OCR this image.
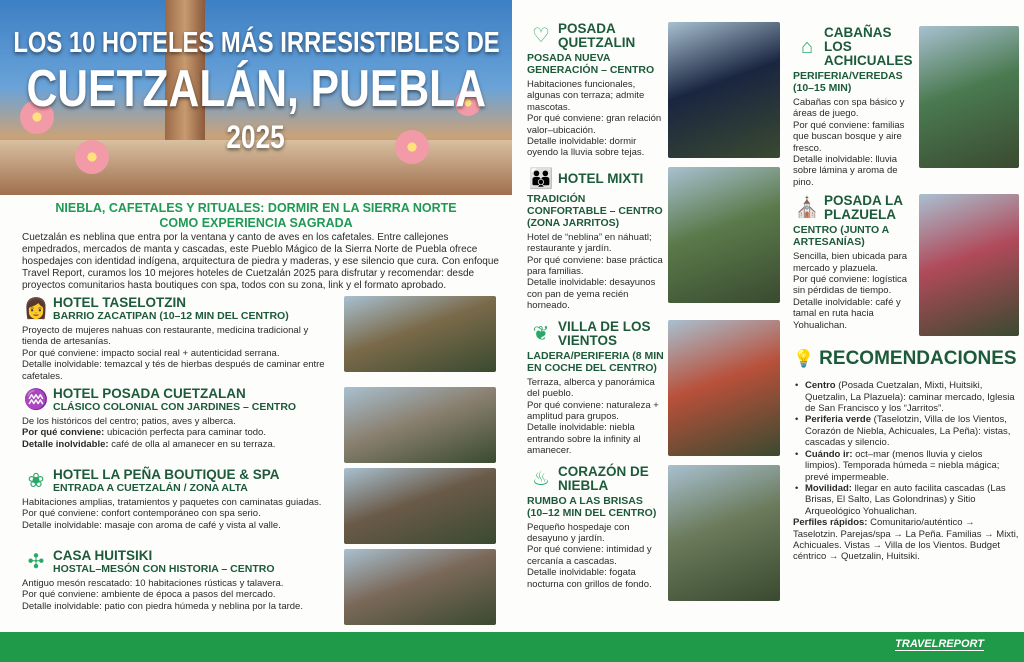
LOS 10 HOTELES MÁS IRRESISTIBLES DE
CUETZALÁN, PUEBLA
2025
NIEBLA, CAFETALES Y RITUALES: DORMIR EN LA SIERRA NORTE
COMO EXPERIENCIA SAGRADA
Cuetzalán es neblina que entra por la ventana y canto de aves en los cafetales. Entre callejones empedrados, mercados de manta y cascadas, este Pueblo Mágico de la Sierra Norte de Puebla ofrece hospedajes con identidad indígena, arquitectura de piedra y maderas, y ese silencio que cura. Con enfoque Travel Report, curamos los 10 mejores hoteles de Cuetzalán 2025 para disfrutar y recomendar: desde proyectos comunitarios hasta boutiques con spa, todos con su zona, link y el formato aprobado.
👩 HOTEL TASELOTZIN
BARRIO ZACATIPAN (10–12 MIN DEL CENTRO)
Proyecto de mujeres nahuas con restaurante, medicina tradicional y tienda de artesanías.
Por qué conviene: impacto social real + autenticidad serrana.
Detalle inolvidable: temazcal y tés de hierbas después de caminar entre cafetales.
♒ HOTEL POSADA CUETZALAN
CLÁSICO COLONIAL CON JARDINES – CENTRO
De los históricos del centro; patios, aves y alberca.
Por qué conviene: ubicación perfecta para caminar todo.
Detalle inolvidable: café de olla al amanecer en su terraza.
❀ HOTEL LA PEÑA BOUTIQUE & SPA
ENTRADA A CUETZALÁN / ZONA ALTA
Habitaciones amplias, tratamientos y paquetes con caminatas guiadas.
Por qué conviene: confort contemporáneo con spa serio.
Detalle inolvidable: masaje con aroma de café y vista al valle.
✣ CASA HUITSIKI
HOSTAL–MESÓN CON HISTORIA – CENTRO
Antiguo mesón rescatado: 10 habitaciones rústicas y talavera.
Por qué conviene: ambiente de época a pasos del mercado.
Detalle inolvidable: patio con piedra húmeda y neblina por la tarde.
♡ POSADA QUETZALIN
POSADA NUEVA GENERACIÓN – CENTRO
Habitaciones funcionales, algunas con terraza; admite mascotas.
Por qué conviene: gran relación valor–ubicación.
Detalle inolvidable: dormir oyendo la lluvia sobre tejas.
👪 HOTEL MIXTI
TRADICIÓN CONFORTABLE – CENTRO (ZONA JARRITOS)
Hotel de “neblina” en náhuatl; restaurante y jardín.
Por qué conviene: base práctica para familias.
Detalle inolvidable: desayunos con pan de yema recién horneado.
❦ VILLA DE LOS VIENTOS
LADERA/PERIFERIA (8 MIN EN COCHE DEL CENTRO)
Terraza, alberca y panorámica del pueblo.
Por qué conviene: naturaleza + amplitud para grupos.
Detalle inolvidable: niebla entrando sobre la infinity al amanecer.
♨ CORAZÓN DE NIEBLA
RUMBO A LAS BRISAS (10–12 MIN DEL CENTRO)
Pequeño hospedaje con desayuno y jardín.
Por qué conviene: intimidad y cercanía a cascadas.
Detalle inolvidable: fogata nocturna con grillos de fondo.
⌂
CABAÑAS LOS ACHICUALES
PERIFERIA/VEREDAS (10–15 MIN)
Cabañas con spa básico y áreas de juego.
Por qué conviene: familias que buscan bosque y aire fresco.
Detalle inolvidable: lluvia sobre lámina y aroma de pino.
⛪ POSADA LA PLAZUELA
CENTRO (JUNTO A ARTESANÍAS)
Sencilla, bien ubicada para mercado y plazuela.
Por qué conviene: logística sin pérdidas de tiempo.
Detalle inolvidable: café y tamal en ruta hacia Yohualichan.
💡 RECOMENDACIONES
• Centro (Posada Cuetzalan, Mixti, Huitsiki, Quetzalin, La Plazuela): caminar mercado, Iglesia de San Francisco y los “Jarritos”.
• Periferia verde (Taselotzin, Villa de los Vientos, Corazón de Niebla, Achicuales, La Peña): vistas, cascadas y silencio.
• Cuándo ir: oct–mar (menos lluvia y cielos limpios). Temporada húmeda = niebla mágica; prevé impermeable.
• Movilidad: llegar en auto facilita cascadas (Las Brisas, El Salto, Las Golondrinas) y Sitio Arqueológico Yohualichan.
Perfiles rápidos: Comunitario/auténtico → Taselotzin. Parejas/spa → La Peña. Familias → Mixti, Achicuales. Vistas → Villa de los Vientos. Budget céntrico → Quetzalin, Huitsiki.
TRAVELREPORT
